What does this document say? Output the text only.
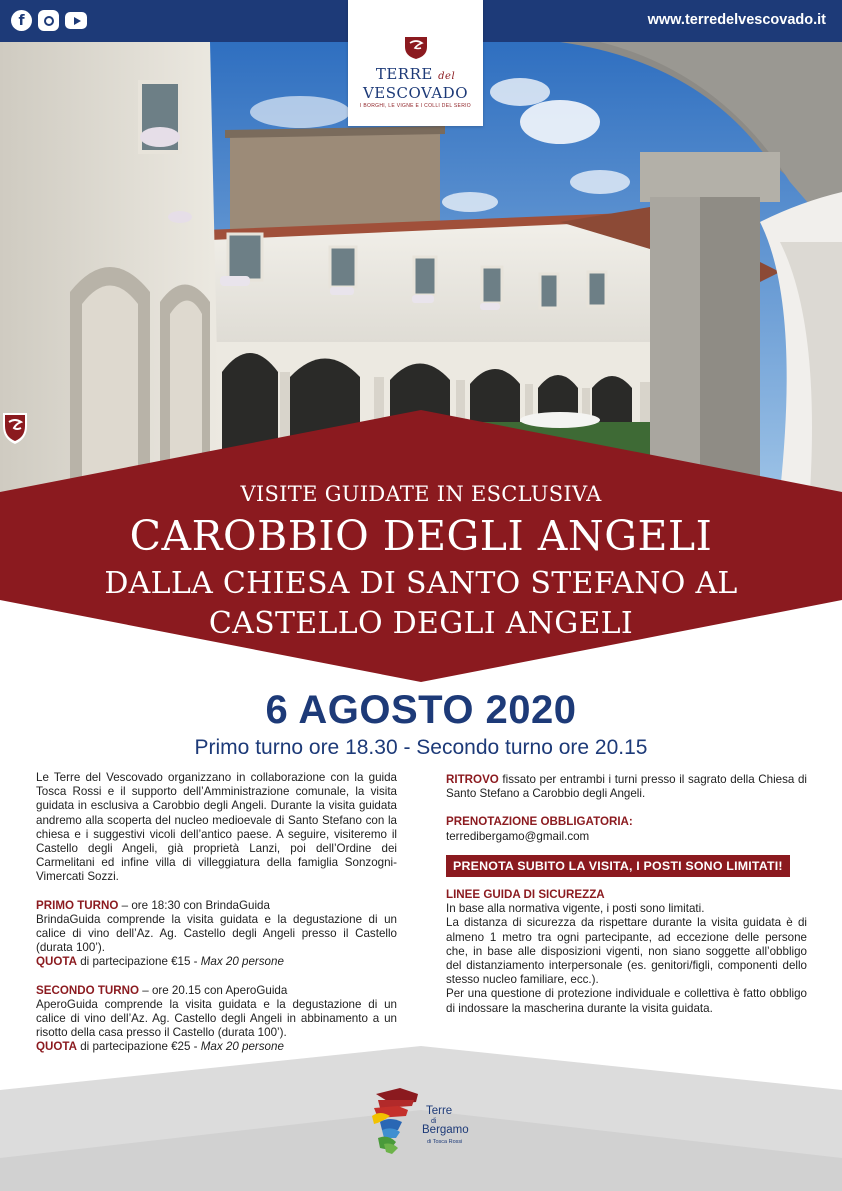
f	www.terredelvescovado.it
TERRE del
VESCOVADO
I BORGHI, LE VIGNE E I COLLI DEL SERIO
VISITE GUIDATE IN ESCLUSIVA
CAROBBIO DEGLI ANGELI
DALLA CHIESA DI SANTO STEFANO AL
CASTELLO DEGLI ANGELI
6 AGOSTO 2020
Primo turno ore 18.30 - Secondo turno ore 20.15

Le Terre del Vescovado organizzano in collaborazione con la guida Tosca Rossi e il supporto dell’Amministrazione comunale, la visita guidata in esclusiva a Carobbio degli Angeli. Durante la visita guidata andremo alla scoperta del nucleo medioevale di Santo Stefano con la chiesa e i suggestivi vicoli dell’antico paese. A seguire, visiteremo il Castello degli Angeli, già proprietà Lanzi, poi dell’Ordine dei Carmelitani ed infine villa di villeggiatura della famiglia Sonzogni-Vimercati Sozzi.

PRIMO TURNO – ore 18:30 con BrindaGuida

BrindaGuida comprende la visita guidata e la degustazione di un calice di vino dell’Az. Ag. Castello degli Angeli presso il Castello (durata 100’).

QUOTA di partecipazione €15 - Max 20 persone

SECONDO TURNO – ore 20.15 con AperoGuida

AperoGuida comprende la visita guidata e la degustazione di un calice di vino dell’Az. Ag. Castello degli Angeli in abbinamento a un risotto della casa presso il Castello (durata 100’).

QUOTA di partecipazione €25 - Max 20 persone

RITROVO fissato per entrambi i turni presso il sagrato della Chiesa di Santo Stefano a Carobbio degli Angeli.

PRENOTAZIONE OBBLIGATORIA:

terredibergamo@gmail.com

PRENOTA SUBITO LA VISITA, I POSTI SONO LIMITATI!

LINEE GUIDA DI SICUREZZA

In base alla normativa vigente, i posti sono limitati.

La distanza di sicurezza da rispettare durante la visita guidata è di almeno 1 metro tra ogni partecipante, ad eccezione delle persone che, in base alle disposizioni vigenti, non siano soggette all’obbligo del distanziamento interpersonale (es. genitori/figli, componenti dello stesso nucleo familiare, ecc.).

Per una questione di protezione individuale e collettiva è fatto obbligo di indossare la mascherina durante la visita guidata.

Terre
di
Bergamo
di Tosca Rossi
